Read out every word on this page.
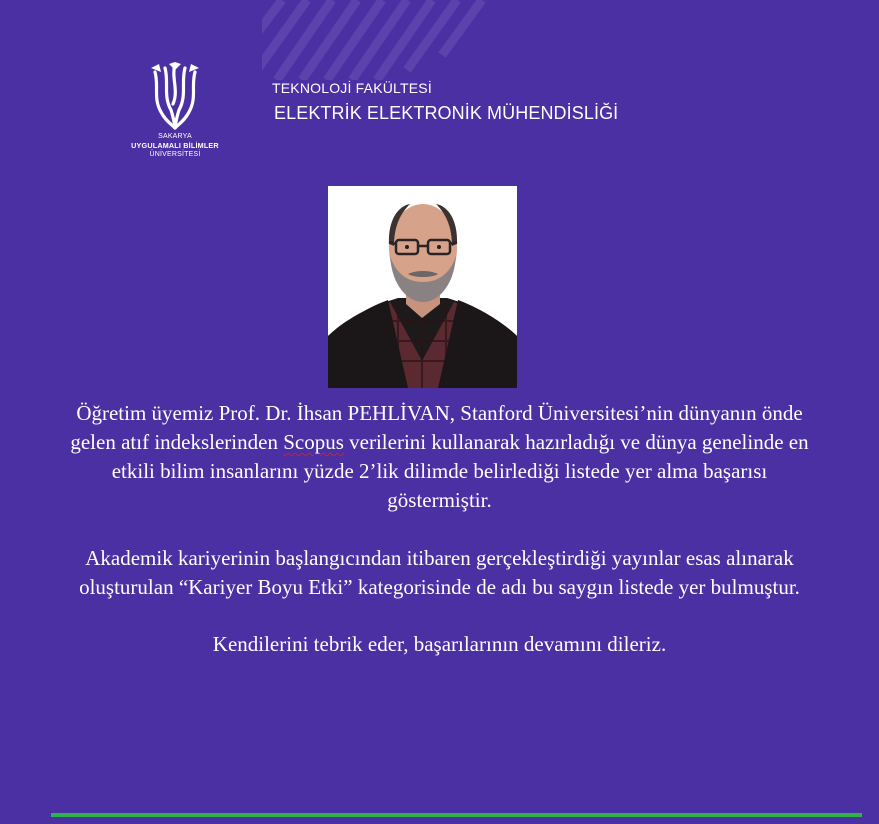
SAKARYA
UYGULAMALI BİLİMLER
ÜNİVERSİTESİ
TEKNOLOJİ FAKÜLTESİ
ELEKTRİK ELEKTRONİK MÜHENDİSLİĞİ
Öğretim üyemiz Prof. Dr. İhsan PEHLİVAN, Stanford Üniversitesi’nin dünyanın önde
gelen atıf indekslerinden Scopus verilerini kullanarak hazırladığı ve dünya genelinde en
etkili bilim insanlarını yüzde 2’lik dilimde belirlediği listede yer alma başarısı
göstermiştir.
Akademik kariyerinin başlangıcından itibaren gerçekleştirdiği yayınlar esas alınarak
oluşturulan “Kariyer Boyu Etki” kategorisinde de adı bu saygın listede yer bulmuştur.
Kendilerini tebrik eder, başarılarının devamını dileriz.
